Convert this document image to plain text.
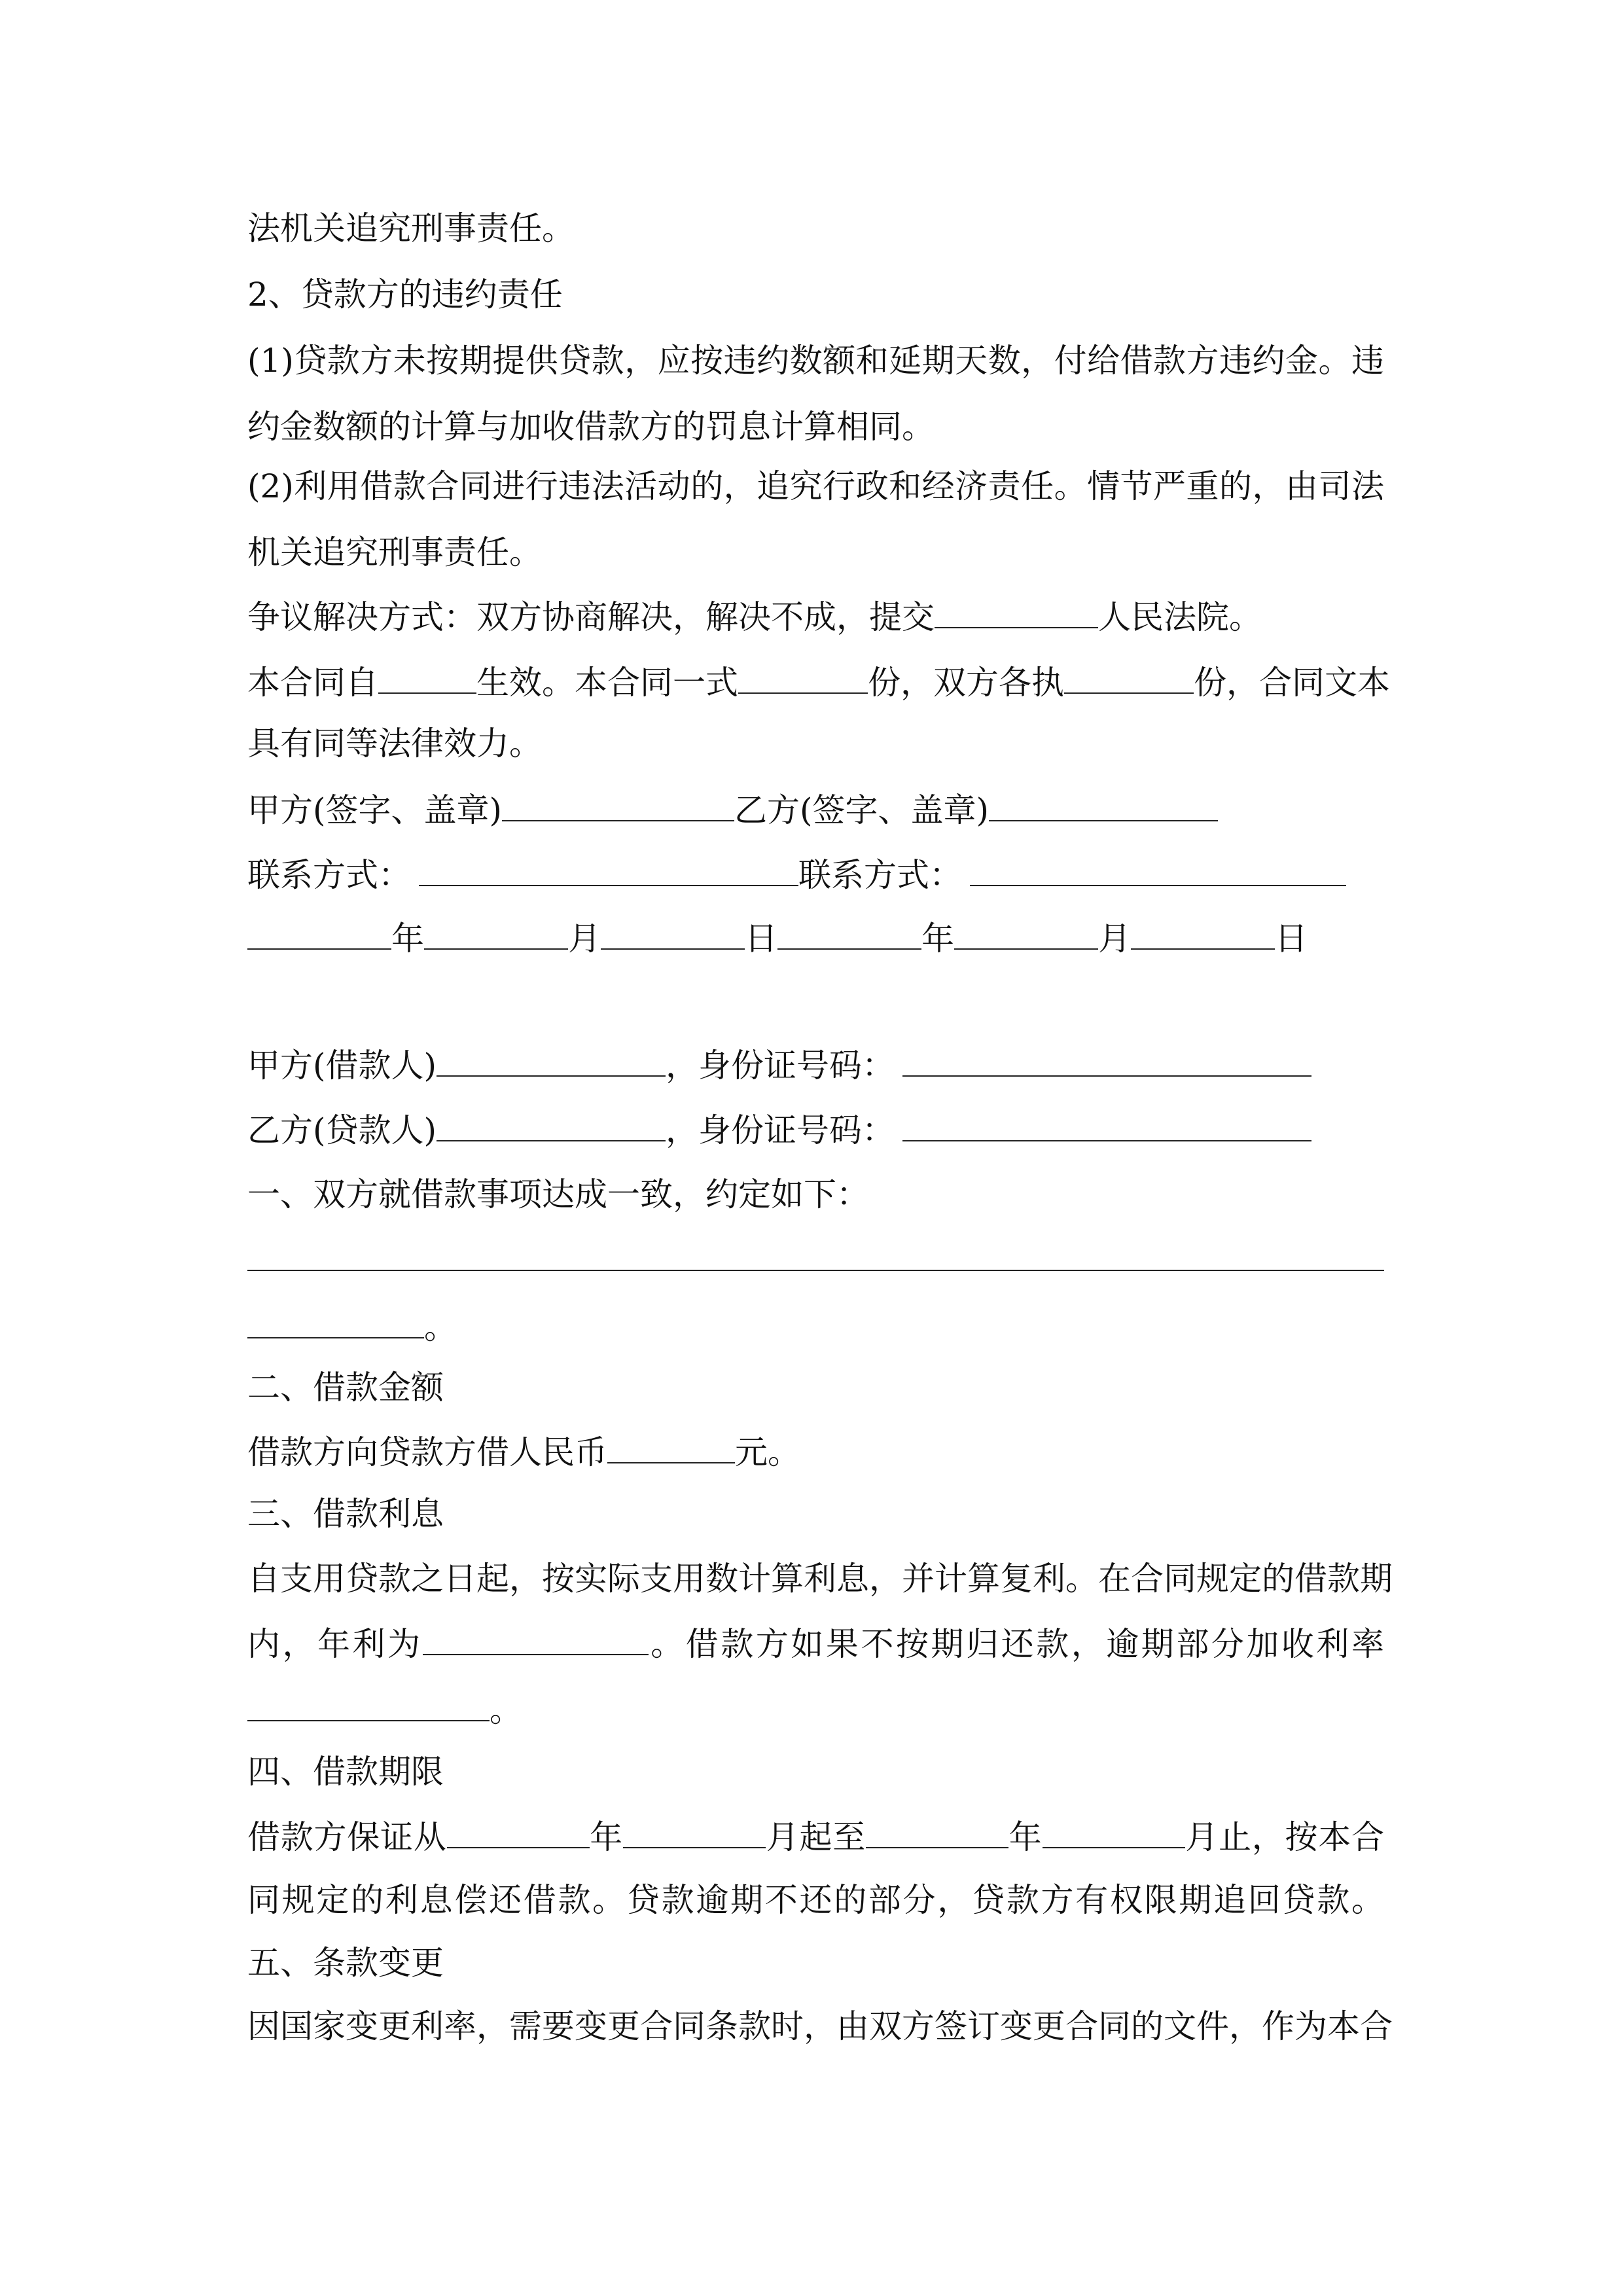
法机关追究刑事责任。
2、贷款方的违约责任
(1)贷款方未按期提供贷款，应按违约数额和延期天数，付给借款方违约金。违
约金数额的计算与加收借款方的罚息计算相同。
(2)利用借款合同进行违法活动的，追究行政和经济责任。情节严重的，由司法
机关追究刑事责任。
争议解决方式：双方协商解决，解决不成，提交	人民法院。
本合同自	生效。本合同一式	份，双方各执	份，合同文本
具有同等法律效力。
甲方(签字、盖章)	乙方(签字、盖章)
联系方式：	联系方式：
年	月	日	年	月	日
甲方(借款人)	，身份证号码：
乙方(贷款人)	，身份证号码：
一、双方就借款事项达成一致，约定如下：
。
二、借款金额
借款方向贷款方借人民币	元。
三、借款利息
自支用贷款之日起，按实际支用数计算利息，并计算复利。在合同规定的借款期
内，年利为	。借款方如果不按期归还款，逾期部分加收利率
。
四、借款期限
借款方保证从	年	月起至	年	月止，按本合
同规定的利息偿还借款。贷款逾期不还的部分，贷款方有权限期追回贷款。
五、条款变更
因国家变更利率，需要变更合同条款时，由双方签订变更合同的文件，作为本合
